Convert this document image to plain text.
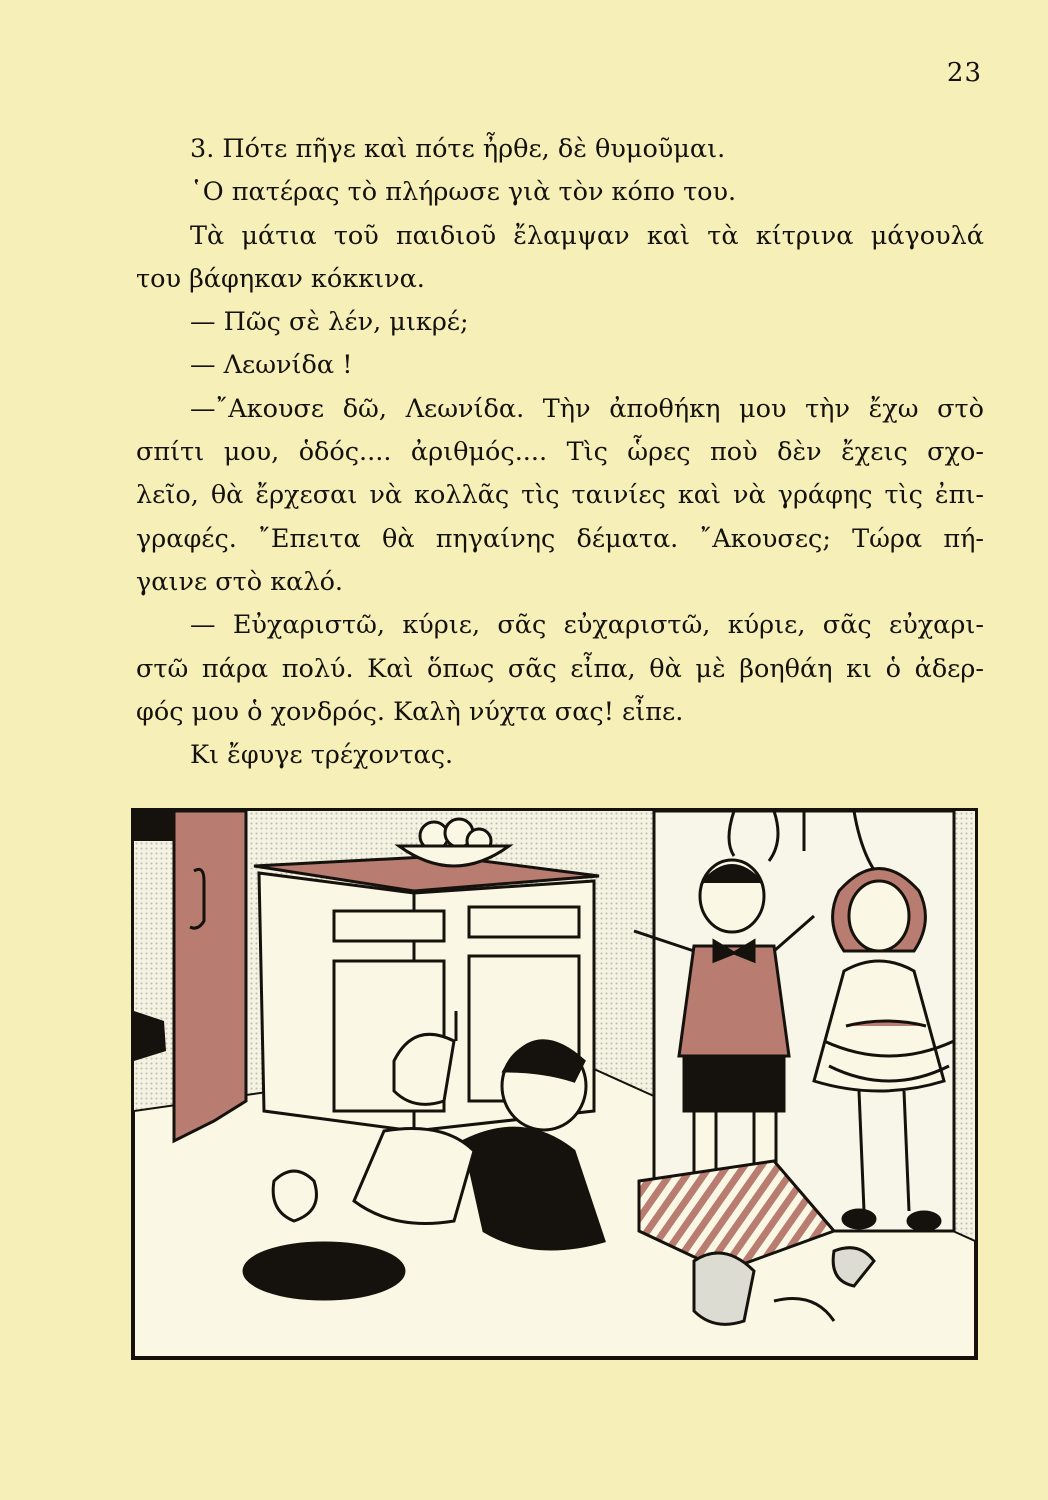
23
3. Πότε πῆγε καὶ πότε ἦρθε, δὲ θυμοῦμαι.
῾Ο πατέρας τὸ πλήρωσε γιὰ τὸν κόπο του.
Τὰ μάτια τοῦ παιδιοῦ ἔλαμψαν καὶ τὰ κίτρινα μάγουλά
του βάφηκαν κόκκινα.
— Πῶς σὲ λέν, μικρέ;
— Λεωνίδα !
—῎Ακουσε δῶ, Λεωνίδα. Τὴν ἀποθήκη μου τὴν ἔχω στὸ
σπίτι μου, ὁδός.... ἀριθμός.... Τὶς ὧρες ποὺ δὲν ἔχεις σχο-
λεῖο, θὰ ἔρχεσαι νὰ κολλᾶς τὶς ταινίες καὶ νὰ γράφης τὶς ἐπι-
γραφές. ῎Επειτα θὰ πηγαίνης δέματα. ῎Ακουσες; Τώρα πή-
γαινε στὸ καλό.
— Εὐχαριστῶ, κύριε, σᾶς εὐχαριστῶ, κύριε, σᾶς εὐχαρι-
στῶ πάρα πολύ. Καὶ ὅπως σᾶς εἶπα, θὰ μὲ βοηθάη κι ὁ ἀδερ-
φός μου ὁ χονδρός. Καλὴ νύχτα σας! εἶπε.
Κι ἔφυγε τρέχοντας.
